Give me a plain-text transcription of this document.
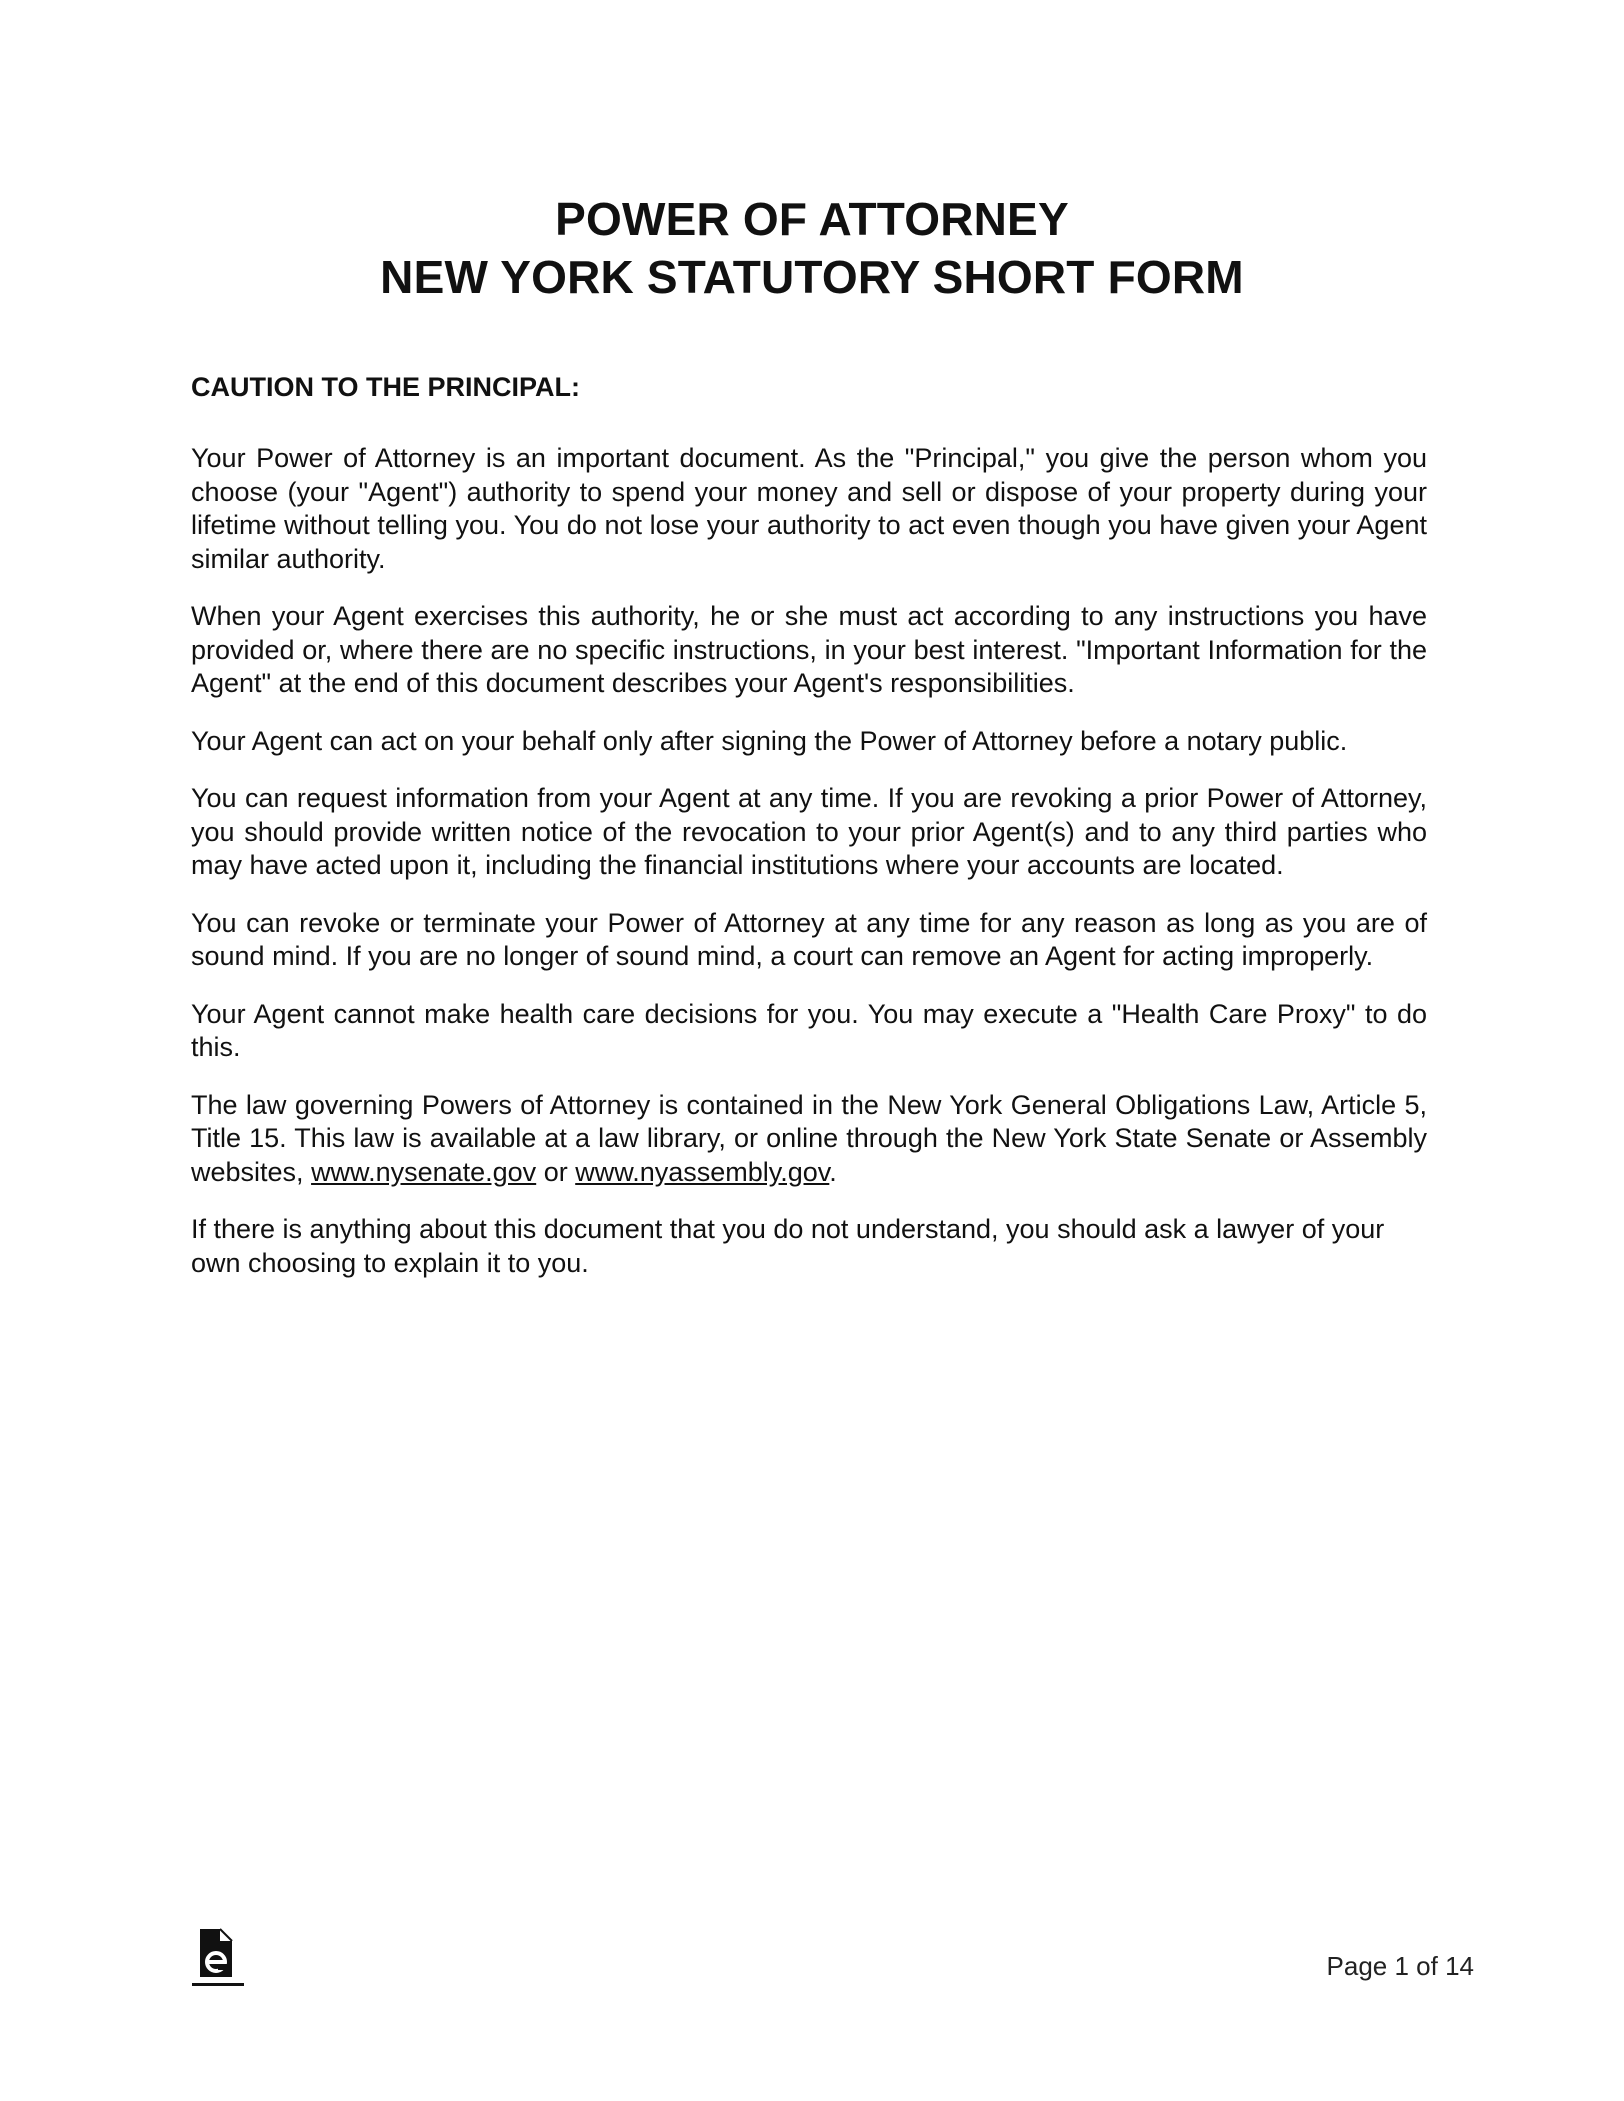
POWER OF ATTORNEY
NEW YORK STATUTORY SHORT FORM
CAUTION TO THE PRINCIPAL:

Your Power of Attorney is an important document. As the "Principal," you give the person whom you choose (your "Agent") authority to spend your money and sell or dispose of your property during your lifetime without telling you. You do not lose your authority to act even though you have given your Agent similar authority.

When your Agent exercises this authority, he or she must act according to any instructions you have provided or, where there are no specific instructions, in your best interest. "Important Information for the Agent" at the end of this document describes your Agent's responsibilities.

Your Agent can act on your behalf only after signing the Power of Attorney before a notary public.

You can request information from your Agent at any time. If you are revoking a prior Power of Attorney, you should provide written notice of the revocation to your prior Agent(s) and to any third parties who may have acted upon it, including the financial institutions where your accounts are located.

You can revoke or terminate your Power of Attorney at any time for any reason as long as you are of sound mind. If you are no longer of sound mind, a court can remove an Agent for acting improperly.

Your Agent cannot make health care decisions for you. You may execute a "Health Care Proxy" to do this.

The law governing Powers of Attorney is contained in the New York General Obligations Law, Article 5, Title 15. This law is available at a law library, or online through the New York State Senate or Assembly websites, www.nysenate.gov or www.nyassembly.gov.

If there is anything about this document that you do not understand, you should ask a lawyer of your own choosing to explain it to you.

Page 1 of 14
